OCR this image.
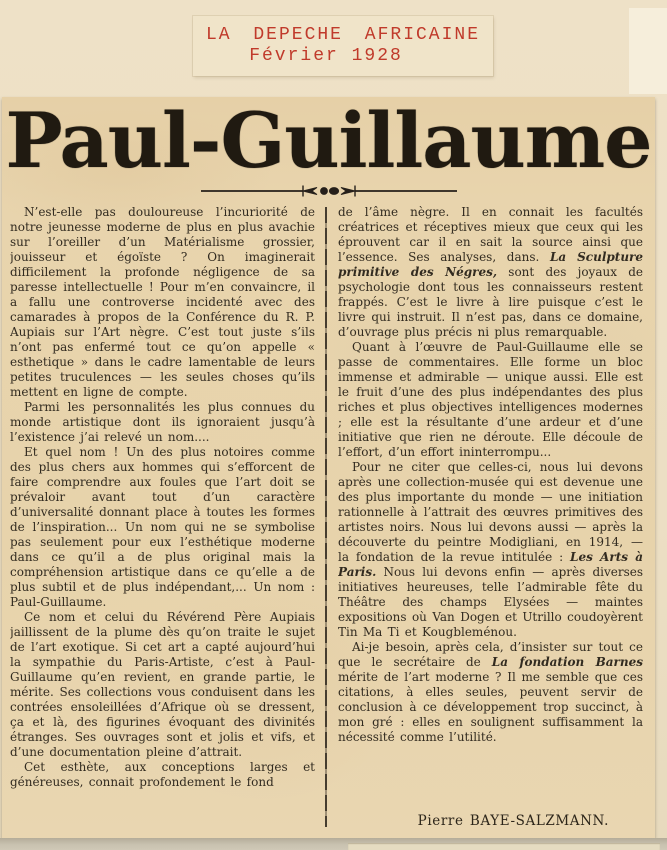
LA DEPECHE AFRICAINE
Février 1928
Paul-Guillaume

N’est-elle pas douloureuse l’incuriorité de notre jeunesse moderne de plus en plus avachie sur l’oreiller d’un Matérialisme grossier, jouisseur et égoïste ? On imaginerait difficilement la profonde négligence de sa paresse intellectuelle ! Pour m’en convaincre, il a fallu une controverse incidenté avec des camarades à propos de la Conférence du R. P. Aupiais sur l’Art nègre. C’est tout juste s’ils n’ont pas enfermé tout ce qu’on appelle « esthetique » dans le cadre lamentable de leurs petites truculences — les seules choses qu’ils mettent en ligne de compte.

Parmi les personnalités les plus connues du monde artistique dont ils ignoraient jusqu’à l’existence j’ai relevé un nom....

Et quel nom ! Un des plus notoires comme des plus chers aux hommes qui s’efforcent de faire comprendre aux foules que l’art doit se prévaloir avant tout d’un caractère d’universalité donnant place à toutes les formes de l’inspiration... Un nom qui ne se symbolise pas seulement pour eux l’esthétique moderne dans ce qu’il a de plus original mais la compréhension artistique dans ce qu’elle a de plus subtil et de plus indépendant,... Un nom : Paul-Guillaume.

Ce nom et celui du Révérend Père Aupiais jaillissent de la plume dès qu’on traite le sujet de l’art exotique. Si cet art a capté aujourd’hui la sympathie du Paris-Artiste, c’est à Paul-Guillaume qu’en revient, en grande partie, le mérite. Ses collections vous conduisent dans les contrées ensoleillées d’Afrique où se dressent, ça et là, des figurines évoquant des divinités étranges. Ses ouvrages sont et jolis et vifs, et d’une documentation pleine d’attrait.

Cet esthète, aux conceptions larges et généreuses, connait profondement le fond

de l’âme nègre. Il en connait les facultés créatrices et réceptives mieux que ceux qui les éprouvent car il en sait la source ainsi que l’essence. Ses analyses, dans. La Sculpture primitive des Négres, sont des joyaux de psychologie dont tous les connaisseurs restent frappés. C’est le livre à lire puisque c’est le livre qui instruit. Il n’est pas, dans ce domaine, d’ouvrage plus précis ni plus remarquable.

Quant à l’œuvre de Paul-Guillaume elle se passe de commentaires. Elle forme un bloc immense et admirable — unique aussi. Elle est le fruit d’une des plus indépendantes des plus riches et plus objectives intelligences modernes ; elle est la résultante d’une ardeur et d’une initiative que rien ne déroute. Elle découle de l’effort, d’un effort ininterrompu...

Pour ne citer que celles-ci, nous lui devons après une collection-musée qui est devenue une des plus importante du monde — une initiation rationnelle à l’attrait des œuvres primitives des artistes noirs. Nous lui devons aussi — après la découverte du peintre Modigliani, en 1914, — la fondation de la revue intitulée : Les Arts à Paris. Nous lui devons enfin — après diverses initiatives heureuses, telle l’admirable fête du Théâtre des champs Elysées — maintes expositions où Van Dogen et Utrillo coudoyèrent Tin Ma Ti et Kougbleménou.

Ai-je besoin, après cela, d’insister sur tout ce que le secrétaire de La fondation Barnes mérite de l’art moderne ? Il me semble que ces citations, à elles seules, peuvent servir de conclusion à ce développement trop succinct, à mon gré : elles en soulignent suffisamment la nécessité comme l’utilité.

Pierre BAYE-SALZMANN.
